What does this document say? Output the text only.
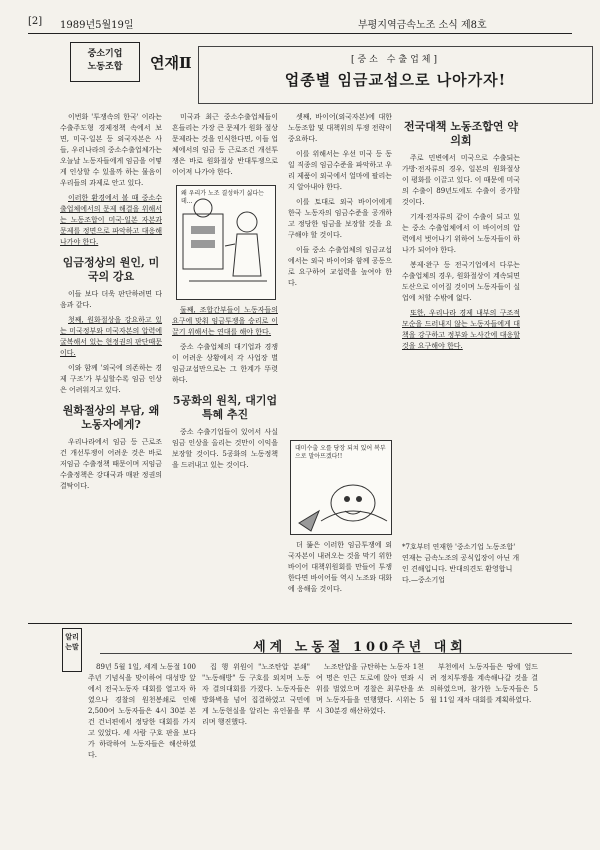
[2] 1989년5월19일	부평지역금속노조 소식 제8호
중소기업
노동조합	연재Ⅱ	[중소 수출업체]
업종별 임금교섭으로 나아가자!

이번화 '투쟁속의 한국' 이라는 수출주도형 경제정책 속에서 보면, 미국·일본 등 외국자본은 사들, 우리나라의 중소수출업체가는 오늘날 노동자들에게 임금을 어떻게 인상할 수 있을까 하는 물음이 우리들의 과제로 안고 있다.

이러한 환경에서 볼 때 중소수출업체에서의 문제 해결을 위해서는 노동조합이 미국·일본 자본과 문제를 정면으로 파악하고 대응해 나가야 한다.

임금정상의 원인, 미국의 강요

이들 보다 더욱 판단하려면 다음과 같다.

첫째, 원화절상을 강요하고 있는 미국정부와 미국자본의 압력에 굴복해서 있는 현정권의 판단때문이다.

이와 함께 '외국에 의존하는 경제 구조'가 부실할수록 임금 인상은 어려워지고 있다.

원화절상의 부담, 왜 노동자에게?

우리나라에서 임금 등 근로조건 개선투쟁이 어려운 것은 바로 저임금 수출정책 때문이며 저임금 수출정책은 강대국과 매판 정권의 결탁이다.

미국과 최근 중소수출업체들이 흔들리는 가장 큰 문제가 원화 절상 문제라는 것을 인식한다면, 이들 업체에서의 임금 등 근로조건 개선투쟁은 바로 원화절상 반대투쟁으로 이어져 나가야 한다.

왜 우리가 노조 결성하기 싫다는데...

둘째, 조합간부들이 노동자들의 요구에 맞춰 임금투쟁을 승리로 이끌기 위해서는 연대를 해야 한다.

중소 수출업체의 대기업과 경쟁이 어려운 상황에서 각 사업장 별 임금교섭만으로는 그 한계가 뚜렷하다.

5공화의 원칙, 대기업 특혜 추진

중소 수출기업들이 있어서 사실 임금 인상을 올리는 것만이 이익을 보장할 것이다. 5공화의 노동정책을 드러내고 있는 것이다.

셋째, 바이어(외국자본)에 대한 노동조합 및 대책위의 투쟁 전략이 중요하다.

이를 위해서는 우선 미국 등 동일 직종의 임금수준을 파악하고 우리 제품이 외국에서 얼마에 팔리는지 알아내야 한다.

이를 토대로 외국 바이어에게 한국 노동자의 임금수준을 공개하고 정당한 임금을 보장할 것을 요구해야 할 것이다.

이들 중소 수출업체의 임금교섭에서는 외국 바이어와 함께 공동으로 요구하여 교섭력을 높여야 한다.

대미수출 오를 당장 되쳐 있어 복부으로 말아뜨겠다!!

더 뚫은 이러한 임금투쟁에 외국자본이 내려오는 것을 막기 위한 바이어 대책위원회를 만들어 투쟁한다면 바이어들 역시 노조와 대화에 응해올 것이다.

전국대책 노동조합연 약 의회

주로 민변에서 미국으로 수출되는 가방·전자류의 경우, 일본의 원화절상이 평화를 이끌고 있다. 이 때문에 미국의 수출이 89년도에도 수출이 증가할 것이다.

기계·전자류의 같이 수출이 되고 있는 중소 수출업체에서 이 바이어의 압력에서 벗어나기 위하여 노동자들이 하나가 되어야 한다.

봉제·완구 등 전국기업에서 다루는 수출업체의 경우, 원화절상이 계속되면 도산으로 이어질 것이며 노동자들이 실업에 처할 수밖에 없다.

또한, 우리나라 경제 내부의 구조적 모순을 드러내지 않는 노동자들에게 대책을 강구하고 정부와 노사간에 대응할 것을 요구해야 한다.

*7호부터 연재한 '중소기업 노동조합' 연재는 금속노조의 공식입장이 아닌 개인 견해입니다. 반대의견도 환영합니다.—중소기업
알리는말	세계 노동절 100주년 대회

89년 5월 1일, 세계 노동절 100주년 기념식을 맞이하여 대성방 앞에서 전국노동자 대회를 열고자 하였으나 경찰의 원천봉쇄로 인해 2,500여 노동자들은 4시 30분 본건 건너편에서 정당한 대회를 가지고 있었다. 세 사람 구호 판을 보다가 하락하여 노동자들은 해산하였다.

집 행 위원이 "노조탄압 분쇄" "노동해방" 등 구호를 외치며 노동자 결의대회를 가졌다. 노동자들은 방화벽을 넘어 집결하였고 국민에게 노동현실을 알리는 유인물을 뿌리며 행진했다.

노조탄압을 규탄하는 노동자 1천여 명은 인근 도로에 앉아 연좌 시위를 벌였으며 경찰은 최루탄을 쏘며 노동자들을 연행했다. 시위는 5시 30분경 해산하였다.

부천에서 노동자들은 땅에 엎드려 정치투쟁을 계속해나갈 것을 결의하였으며, 참가한 노동자들은 5월 11일 재차 대회를 계획하였다.
